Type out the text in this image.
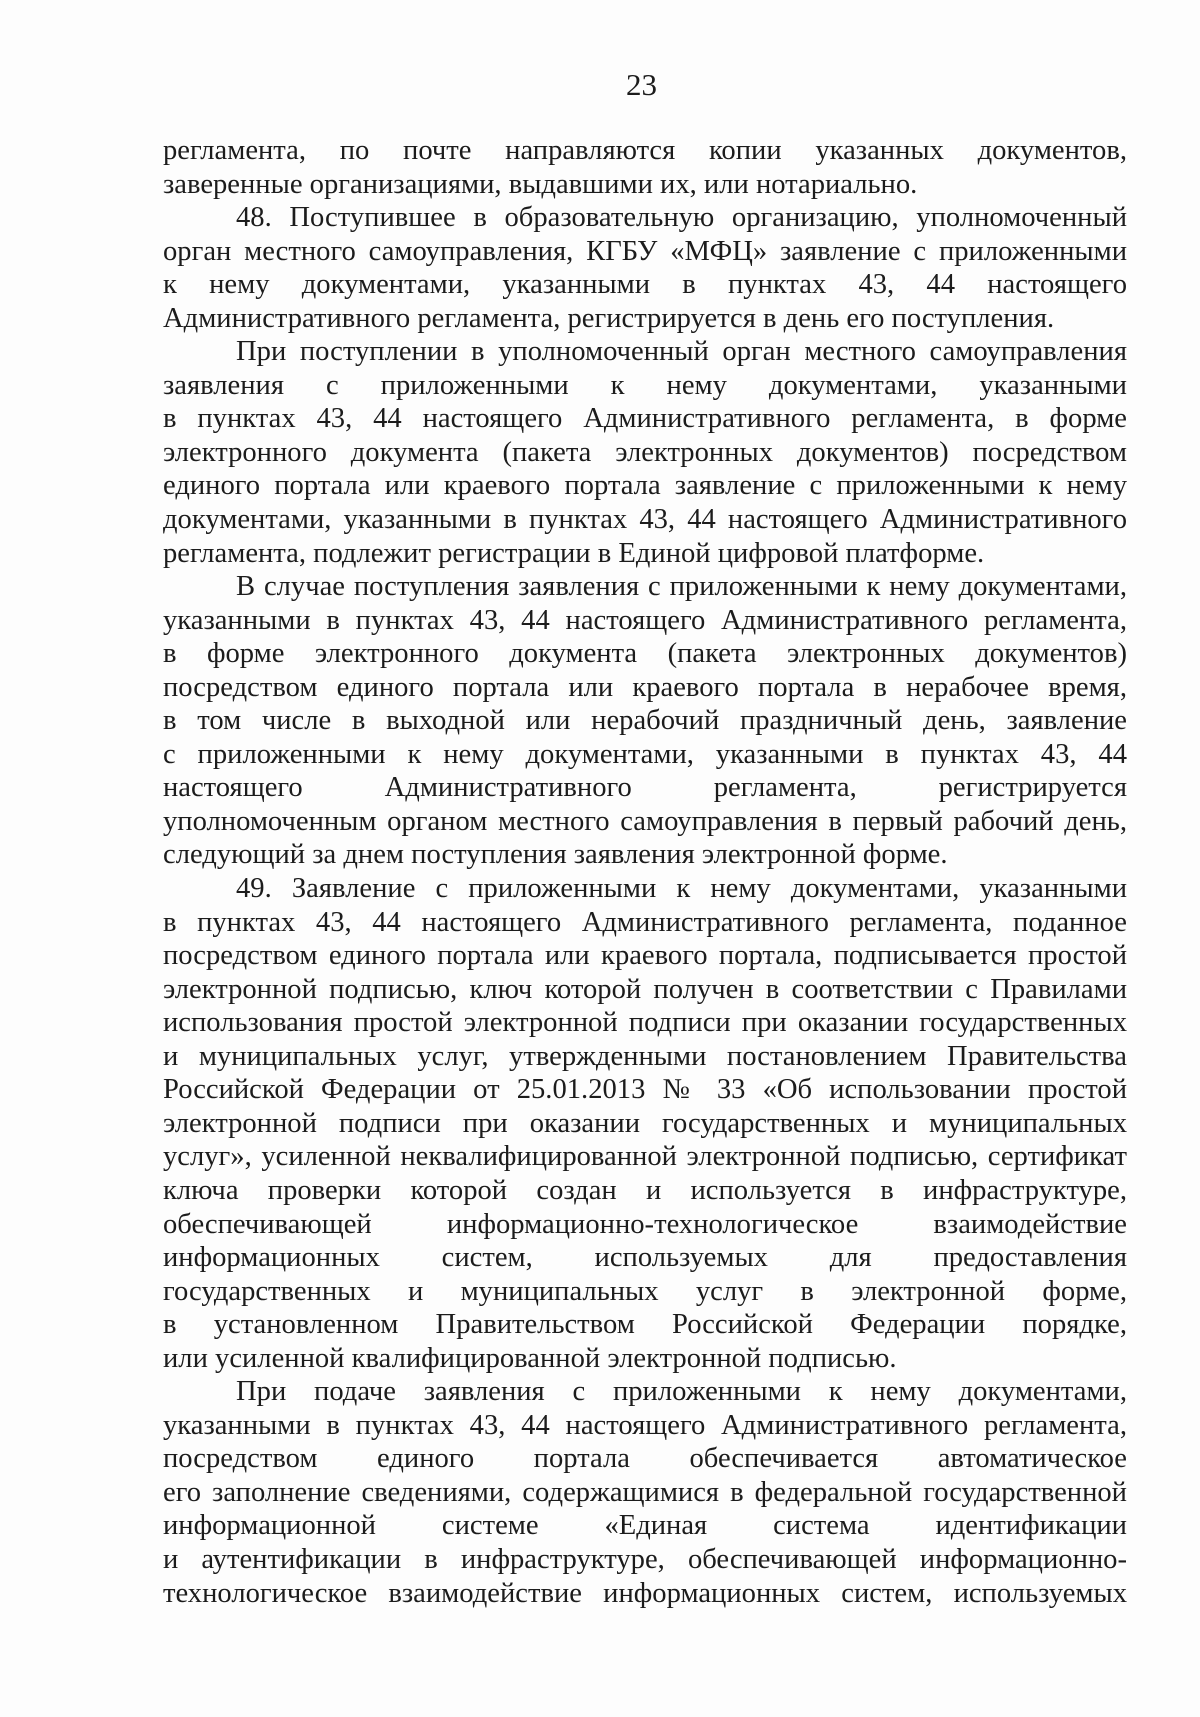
23
регламента, по почте направляются копии указанных документов,
заверенные организациями, выдавшими их, или нотариально.
48. Поступившее в образовательную организацию, уполномоченный
орган местного самоуправления, КГБУ «МФЦ» заявление с приложенными
к нему документами, указанными в пунктах 43, 44 настоящего
Административного регламента, регистрируется в день его поступления.
При поступлении в уполномоченный орган местного самоуправления
заявления с приложенными к нему документами, указанными
в пунктах 43, 44 настоящего Административного регламента, в форме
электронного документа (пакета электронных документов) посредством
единого портала или краевого портала заявление с приложенными к нему
документами, указанными в пунктах 43, 44 настоящего Административного
регламента, подлежит регистрации в Единой цифровой платформе.
В случае поступления заявления с приложенными к нему документами,
указанными в пунктах 43, 44 настоящего Административного регламента,
в форме электронного документа (пакета электронных документов)
посредством единого портала или краевого портала в нерабочее время,
в том числе в выходной или нерабочий праздничный день, заявление
с приложенными к нему документами, указанными в пунктах 43, 44
настоящего Административного регламента, регистрируется
уполномоченным органом местного самоуправления в первый рабочий день,
следующий за днем поступления заявления электронной форме.
49. Заявление с приложенными к нему документами, указанными
в пунктах 43, 44 настоящего Административного регламента, поданное
посредством единого портала или краевого портала, подписывается простой
электронной подписью, ключ которой получен в соответствии с Правилами
использования простой электронной подписи при оказании государственных
и муниципальных услуг, утвержденными постановлением Правительства
Российской Федерации от 25.01.2013 № 33 «Об использовании простой
электронной подписи при оказании государственных и муниципальных
услуг», усиленной неквалифицированной электронной подписью, сертификат
ключа проверки которой создан и используется в инфраструктуре,
обеспечивающей информационно-технологическое взаимодействие
информационных систем, используемых для предоставления
государственных и муниципальных услуг в электронной форме,
в установленном Правительством Российской Федерации порядке,
или усиленной квалифицированной электронной подписью.
При подаче заявления с приложенными к нему документами,
указанными в пунктах 43, 44 настоящего Административного регламента,
посредством единого портала обеспечивается автоматическое
его заполнение сведениями, содержащимися в федеральной государственной
информационной системе «Единая система идентификации
и аутентификации в инфраструктуре, обеспечивающей информационно-
технологическое взаимодействие информационных систем, используемых
